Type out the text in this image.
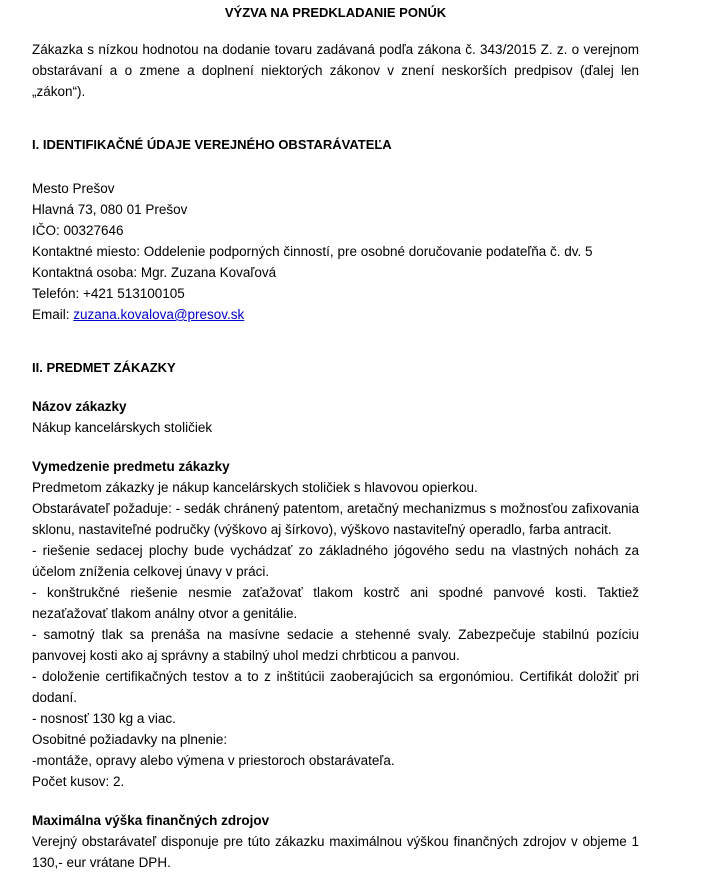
VÝZVA NA PREDKLADANIE PONÚK

Zákazka s nízkou hodnotou na dodanie tovaru zadávaná podľa zákona č. 343/2015 Z. z. o verejnom obstarávaní a o zmene a doplnení niektorých zákonov v znení neskorších predpisov (ďalej len „zákon“).

I. IDENTIFIKAČNÉ ÚDAJE VEREJNÉHO OBSTARÁVATEĽA

Mesto Prešov

Hlavná 73, 080 01 Prešov

IČO: 00327646

Kontaktné miesto: Oddelenie podporných činností, pre osobné doručovanie podateľňa č. dv. 5

Kontaktná osoba: Mgr. Zuzana Kovaľová

Telefón: +421 513100105

Email: zuzana.kovalova@presov.sk

II. PREDMET ZÁKAZKY

Názov zákazky

Nákup kancelárskych stoličiek

Vymedzenie predmetu zákazky

Predmetom zákazky je nákup kancelárskych stoličiek s hlavovou opierkou.

Obstarávateľ požaduje: - sedák chránený patentom, aretačný mechanizmus s možnosťou zafixovania sklonu, nastaviteľné područky (výškovo aj šírkovo), výškovo nastaviteľný operadlo, farba antracit.

- riešenie sedacej plochy bude vychádzať zo základného jógového sedu na vlastných nohách za účelom zníženia celkovej únavy v práci.

- konštrukčné riešenie nesmie zaťažovať tlakom kostrč ani spodné panvové kosti. Taktiež nezaťažovať tlakom análny otvor a genitálie.

- samotný tlak sa prenáša na masívne sedacie a stehenné svaly. Zabezpečuje stabilnú pozíciu panvovej kosti ako aj správny a stabilný uhol medzi chrbticou a panvou.

- doloženie certifikačných testov a to z inštitúcii zaoberajúcich sa ergonómiou. Certifikát doložiť pri dodaní.

- nosnosť 130 kg a viac.

Osobitné požiadavky na plnenie:

-montáže, opravy alebo výmena v priestoroch obstarávateľa.

Počet kusov: 2.

Maximálna výška finančných zdrojov

Verejný obstarávateľ disponuje pre túto zákazku maximálnou výškou finančných zdrojov v objeme 1 130,- eur vrátane DPH.
